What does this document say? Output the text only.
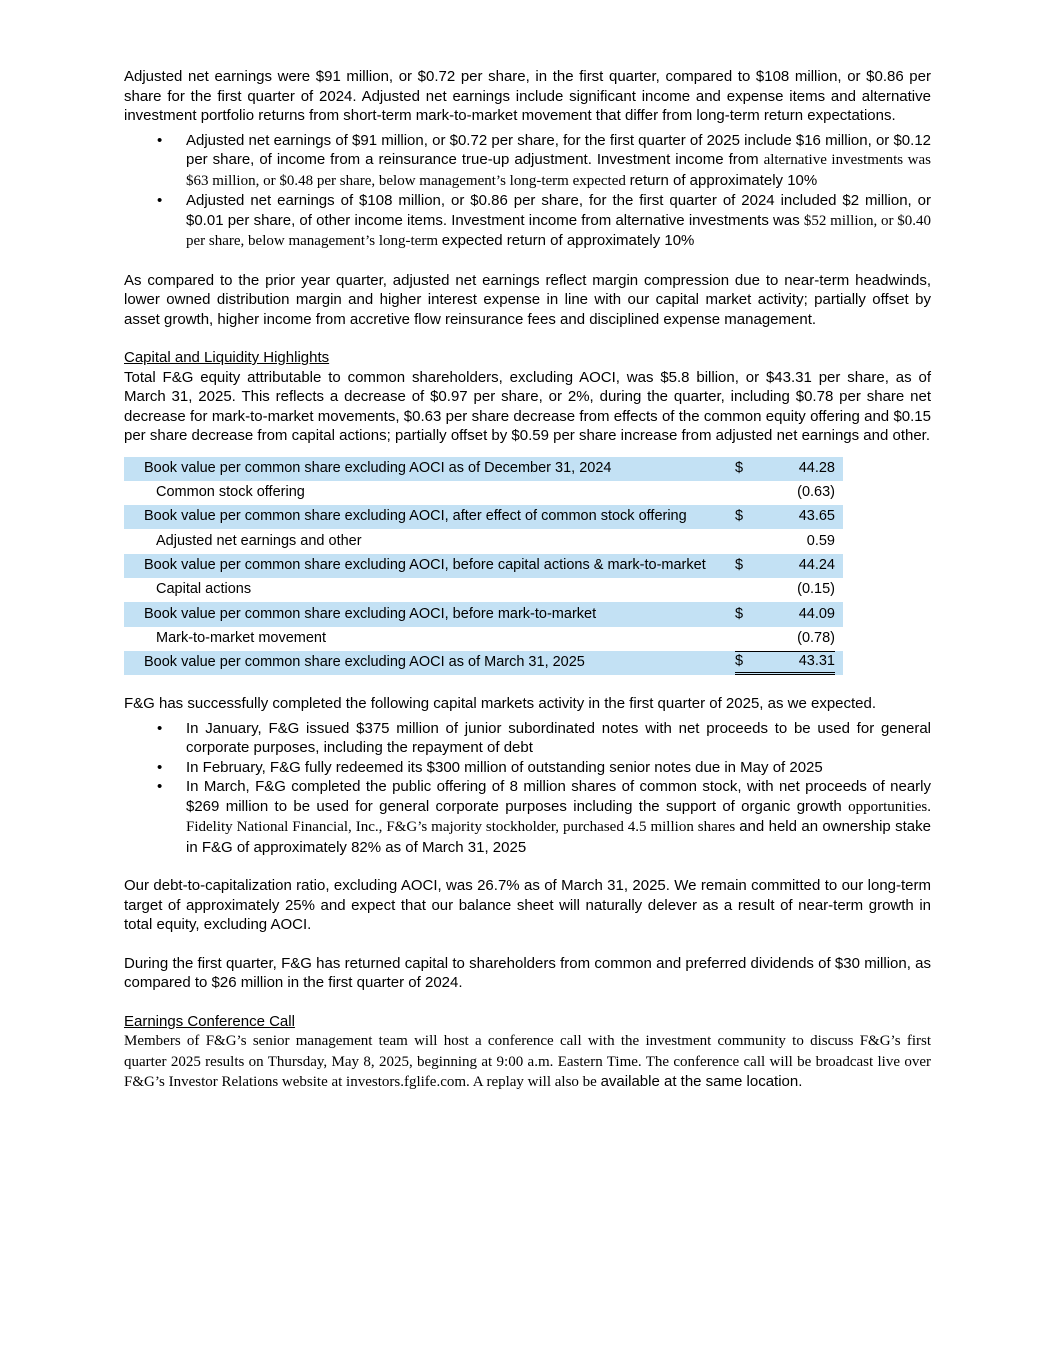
Adjusted net earnings were $91 million, or $0.72 per share, in the first quarter, compared to $108 million, or $0.86 per share for the first quarter of 2024. Adjusted net earnings include significant income and expense items and alternative investment portfolio returns from short-term mark-to-market movement that differ from long-term return expectations.

• Adjusted net earnings of $91 million, or $0.72 per share, for the first quarter of 2025 include $16 million, or $0.12 per share, of income from a reinsurance true-up adjustment. Investment income from alternative investments was $63 million, or $0.48 per share, below management’s long-term expected return of approximately 10%
• Adjusted net earnings of $108 million, or $0.86 per share, for the first quarter of 2024 included $2 million, or $0.01 per share, of other income items. Investment income from alternative investments was $52 million, or $0.40 per share, below management’s long-term expected return of approximately 10%

As compared to the prior year quarter, adjusted net earnings reflect margin compression due to near-term headwinds, lower owned distribution margin and higher interest expense in line with our capital market activity; partially offset by asset growth, higher income from accretive flow reinsurance fees and disciplined expense management.

Capital and Liquidity Highlights

Total F&G equity attributable to common shareholders, excluding AOCI, was $5.8 billion, or $43.31 per share, as of March 31, 2025. This reflects a decrease of $0.97 per share, or 2%, during the quarter, including $0.78 per share net decrease for mark-to-market movements, $0.63 per share decrease from effects of the common equity offering and $0.15 per share decrease from capital actions; partially offset by $0.59 per share increase from adjusted net earnings and other.

Book value per common share excluding AOCI as of December 31, 2024	$	44.28
Common stock offering	(0.63)
Book value per common share excluding AOCI, after effect of common stock offering	$	43.65
Adjusted net earnings and other	0.59
Book value per common share excluding AOCI, before capital actions & mark-to-market	$	44.24
Capital actions	(0.15)
Book value per common share excluding AOCI, before mark-to-market	$	44.09
Mark-to-market movement	(0.78)
Book value per common share excluding AOCI as of March 31, 2025	$	43.31

F&G has successfully completed the following capital markets activity in the first quarter of 2025, as we expected.

• In January, F&G issued $375 million of junior subordinated notes with net proceeds to be used for general corporate purposes, including the repayment of debt
• In February, F&G fully redeemed its $300 million of outstanding senior notes due in May of 2025
• In March, F&G completed the public offering of 8 million shares of common stock, with net proceeds of nearly $269 million to be used for general corporate purposes including the support of organic growth opportunities. Fidelity National Financial, Inc., F&G’s majority stockholder, purchased 4.5 million shares and held an ownership stake in F&G of approximately 82% as of March 31, 2025

Our debt-to-capitalization ratio, excluding AOCI, was 26.7% as of March 31, 2025. We remain committed to our long-term target of approximately 25% and expect that our balance sheet will naturally delever as a result of near-term growth in total equity, excluding AOCI.

During the first quarter, F&G has returned capital to shareholders from common and preferred dividends of $30 million, as compared to $26 million in the first quarter of 2024.

Earnings Conference Call

Members of F&G’s senior management team will host a conference call with the investment community to discuss F&G’s first quarter 2025 results on Thursday, May 8, 2025, beginning at 9:00 a.m. Eastern Time. The conference call will be broadcast live over F&G’s Investor Relations website at investors.fglife.com. A replay will also be available at the same location.
